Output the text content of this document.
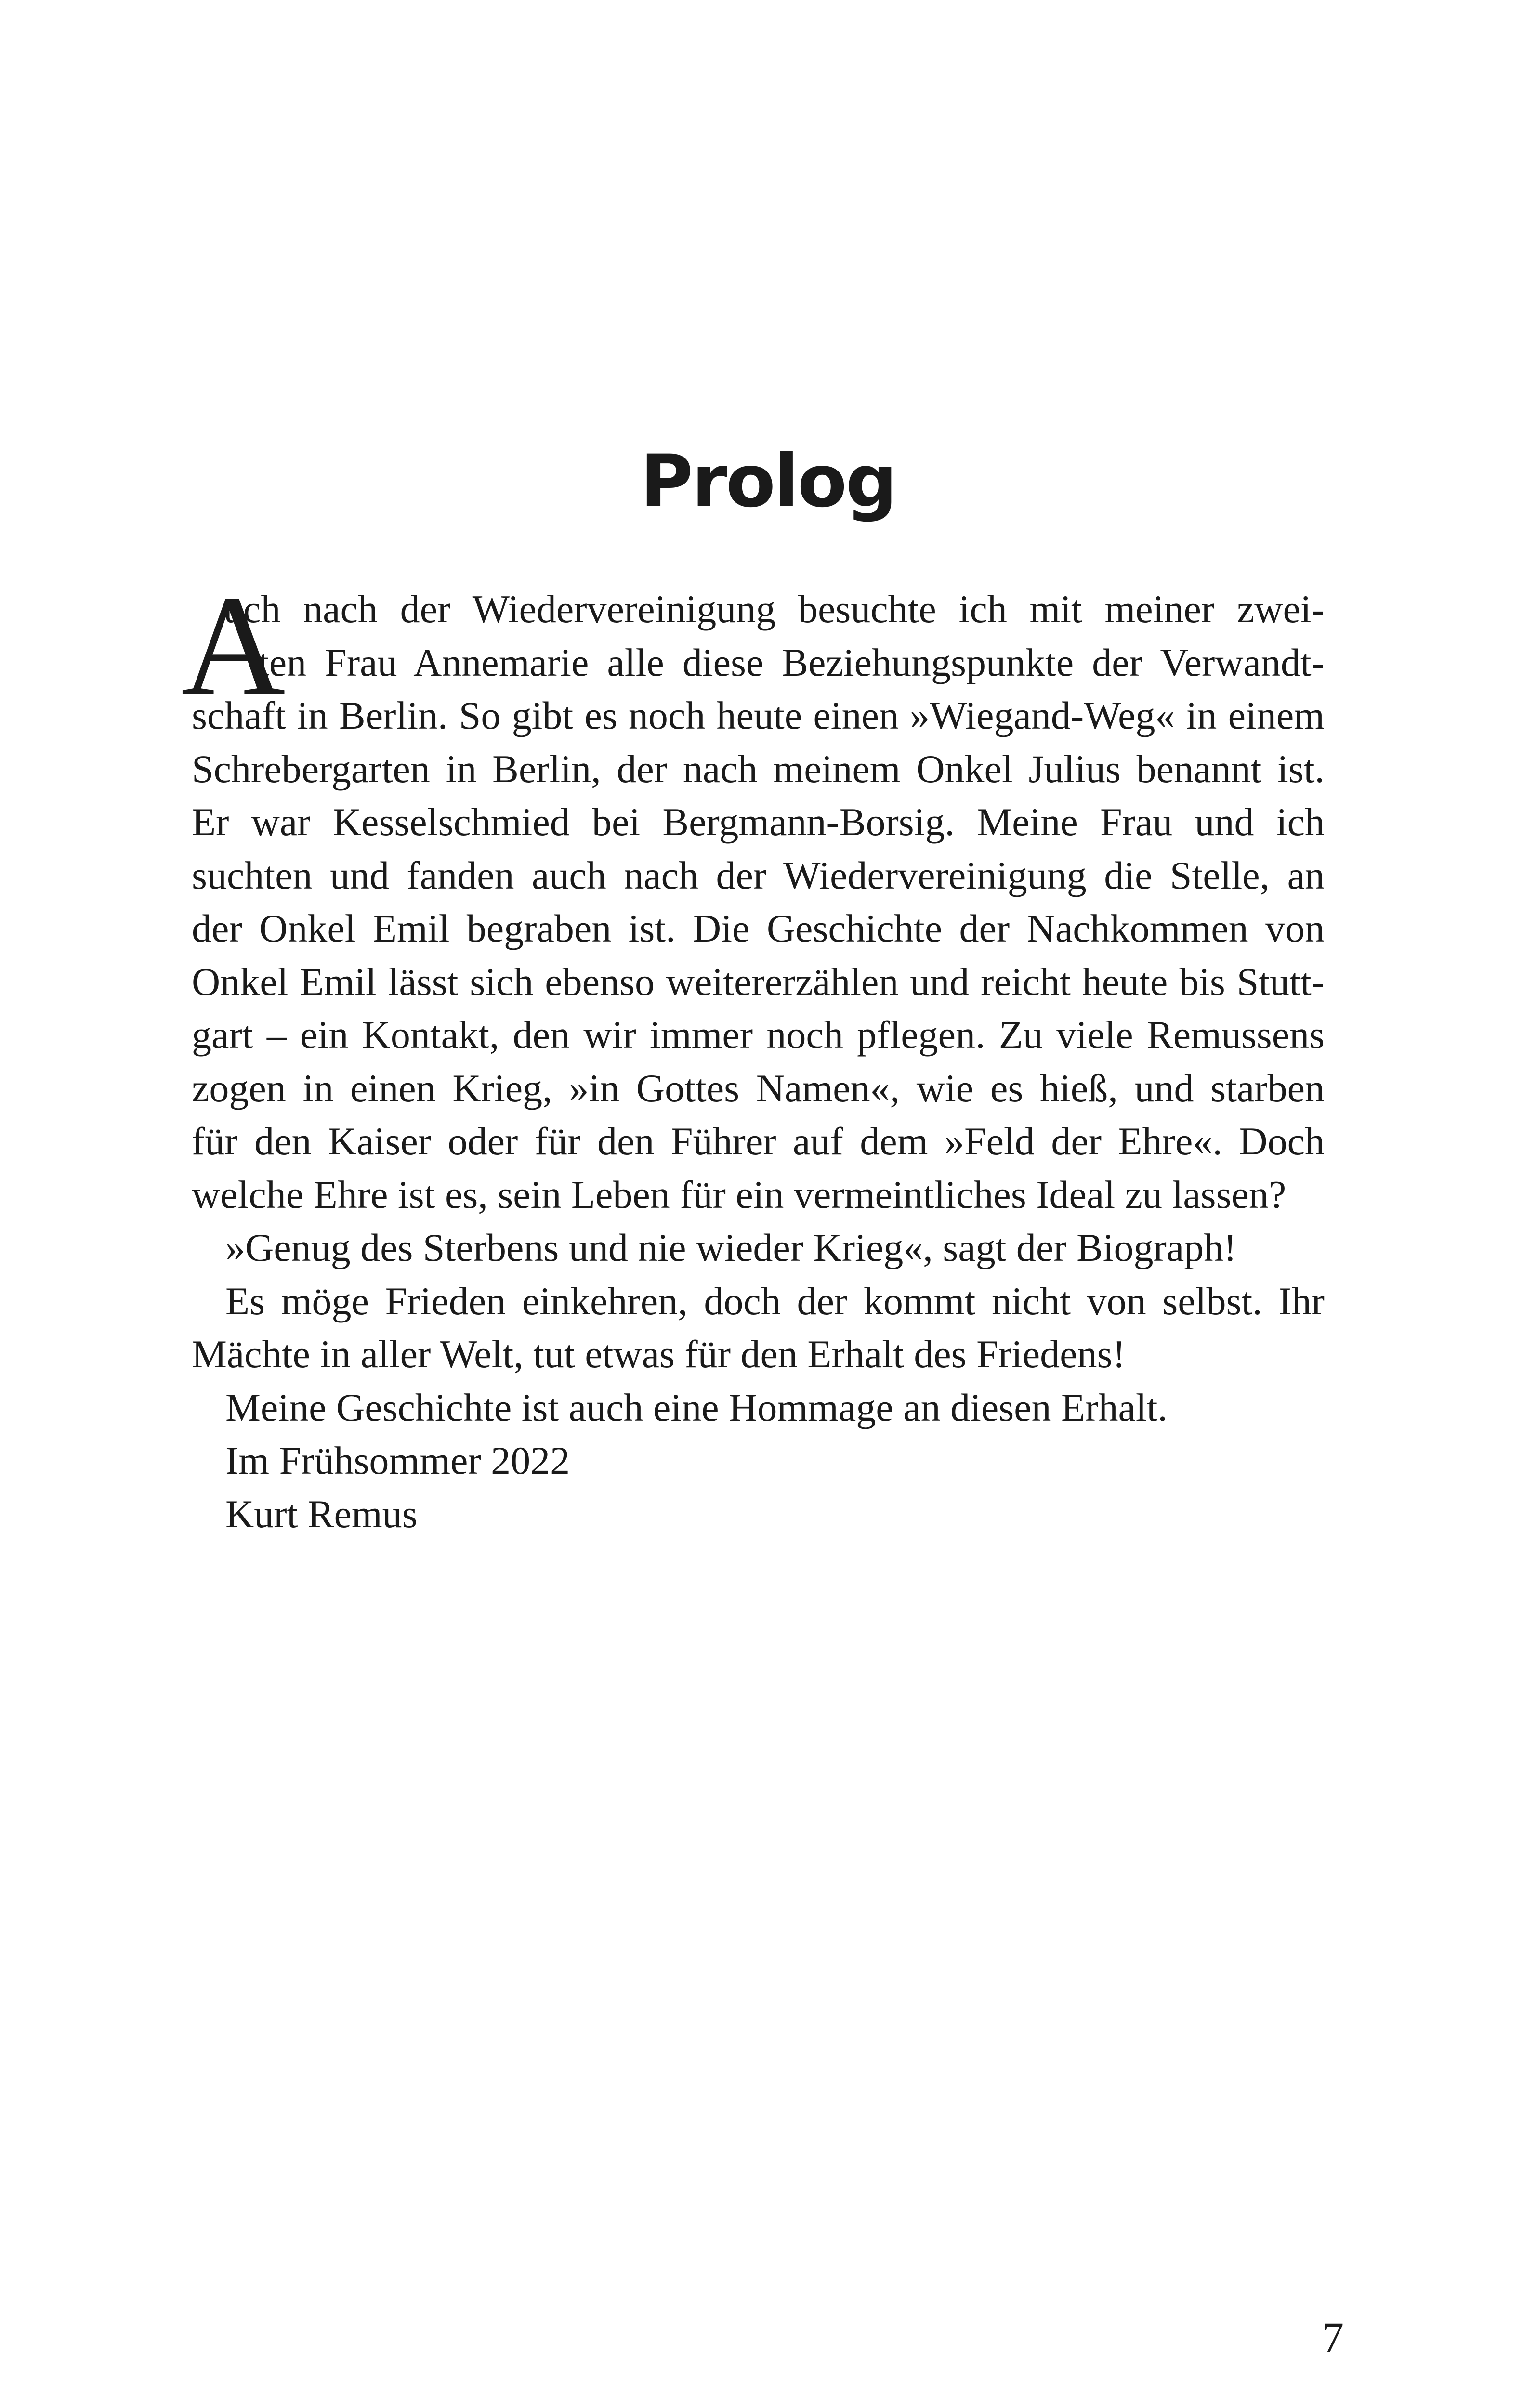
Prolog
A
uch nach der Wiedervereinigung besuchte ich mit meiner zwei-
ten Frau Annemarie alle diese Beziehungspunkte der Verwandt-
schaft in Berlin. So gibt es noch heute einen »Wiegand-Weg« in einem
Schrebergarten in Berlin, der nach meinem Onkel Julius benannt ist.
Er war Kesselschmied bei Bergmann-Borsig. Meine Frau und ich
suchten und fanden auch nach der Wiedervereinigung die Stelle, an
der Onkel Emil begraben ist. Die Geschichte der Nachkommen von
Onkel Emil lässt sich ebenso weitererzählen und reicht heute bis Stutt-
gart – ein Kontakt, den wir immer noch pflegen. Zu viele Remussens
zogen in einen Krieg, »in Gottes Namen«, wie es hieß, und starben
für den Kaiser oder für den Führer auf dem »Feld der Ehre«. Doch
welche Ehre ist es, sein Leben für ein vermeintliches Ideal zu lassen?
»Genug des Sterbens und nie wieder Krieg«, sagt der Biograph!
Es möge Frieden einkehren, doch der kommt nicht von selbst. Ihr
Mächte in aller Welt, tut etwas für den Erhalt des Friedens!
Meine Geschichte ist auch eine Hommage an diesen Erhalt.
Im Frühsommer 2022
Kurt Remus
7
